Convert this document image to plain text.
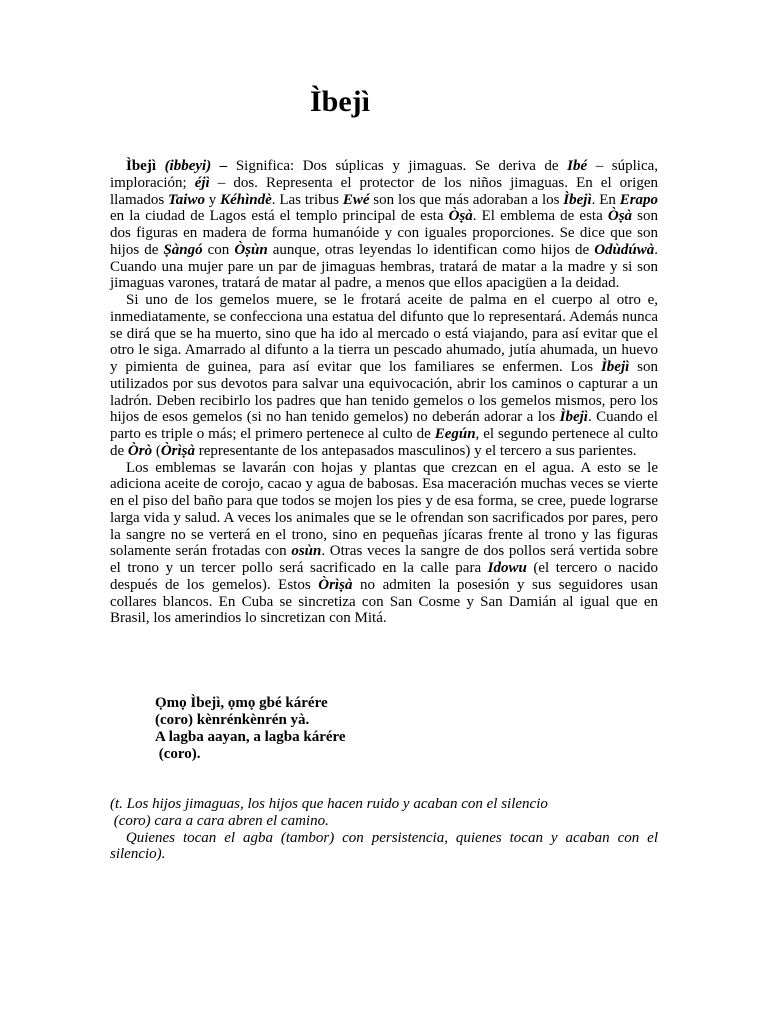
Ìbejì

Ìbejì (ibbeyi) – Significa: Dos súplicas y jimaguas. Se deriva de Ibé – súplica, imploración; éjì – dos. Representa el protector de los niños jimaguas. En el origen llamados Taiwo y Kéhìndè. Las tribus Ewé son los que más adoraban a los Ìbejì. En Erapo en la ciudad de Lagos está el templo principal de esta Òṣà. El emblema de esta Òṣà son dos figuras en madera de forma humanóide y con iguales proporciones. Se dice que son hijos de Ṣàngó con Òṣùn aunque, otras leyendas lo identifican como hijos de Odùdúwà. Cuando una mujer pare un par de jimaguas hembras, tratará de matar a la madre y si son jimaguas varones, tratará de matar al padre, a menos que ellos apacigüen a la deidad.

Si uno de los gemelos muere, se le frotará aceite de palma en el cuerpo al otro e, inmediatamente, se confecciona una estatua del difunto que lo representará. Además nunca se dirá que se ha muerto, sino que ha ido al mercado o está viajando, para así evitar que el otro le siga. Amarrado al difunto a la tierra un pescado ahumado, jutía ahumada, un huevo y pimienta de guinea, para así evitar que los familiares se enfermen. Los Ìbejì son utilizados por sus devotos para salvar una equivocación, abrir los caminos o capturar a un ladrón. Deben recibirlo los padres que han tenido gemelos o los gemelos mismos, pero los hijos de esos gemelos (si no han tenido gemelos) no deberán adorar a los Ìbejì. Cuando el parto es triple o más; el primero pertenece al culto de Eegún, el segundo pertenece al culto de Òrò (Òrìṣà representante de los antepasados masculinos) y el tercero a sus parientes.

Los emblemas se lavarán con hojas y plantas que crezcan en el agua. A esto se le adiciona aceite de corojo, cacao y agua de babosas. Esa maceración muchas veces se vierte en el piso del baño para que todos se mojen los pies y de esa forma, se cree, puede lograrse larga vida y salud. A veces los animales que se le ofrendan son sacrificados por pares, pero la sangre no se verterá en el trono, sino en pequeñas jícaras frente al trono y las figuras solamente serán frotadas con osùn. Otras veces la sangre de dos pollos será vertida sobre el trono y un tercer pollo será sacrificado en la calle para Idowu (el tercero o nacido después de los gemelos). Estos Òrìṣà no admiten la posesión y sus seguidores usan collares blancos. En Cuba se sincretiza con San Cosme y San Damián al igual que en Brasil, los amerindios lo sincretizan con Mitá.

Ọmọ Ìbejì, ọmọ gbé kárére
(coro) kènrénkènrén yà.
A lagba aayan, a lagba kárére
(coro).
(t. Los hijos jimaguas, los hijos que hacen ruido y acaban con el silencio
(coro) cara a cara abren el camino.
Quienes tocan el agba (tambor) con persistencia, quienes tocan y acaban con el silencio).
